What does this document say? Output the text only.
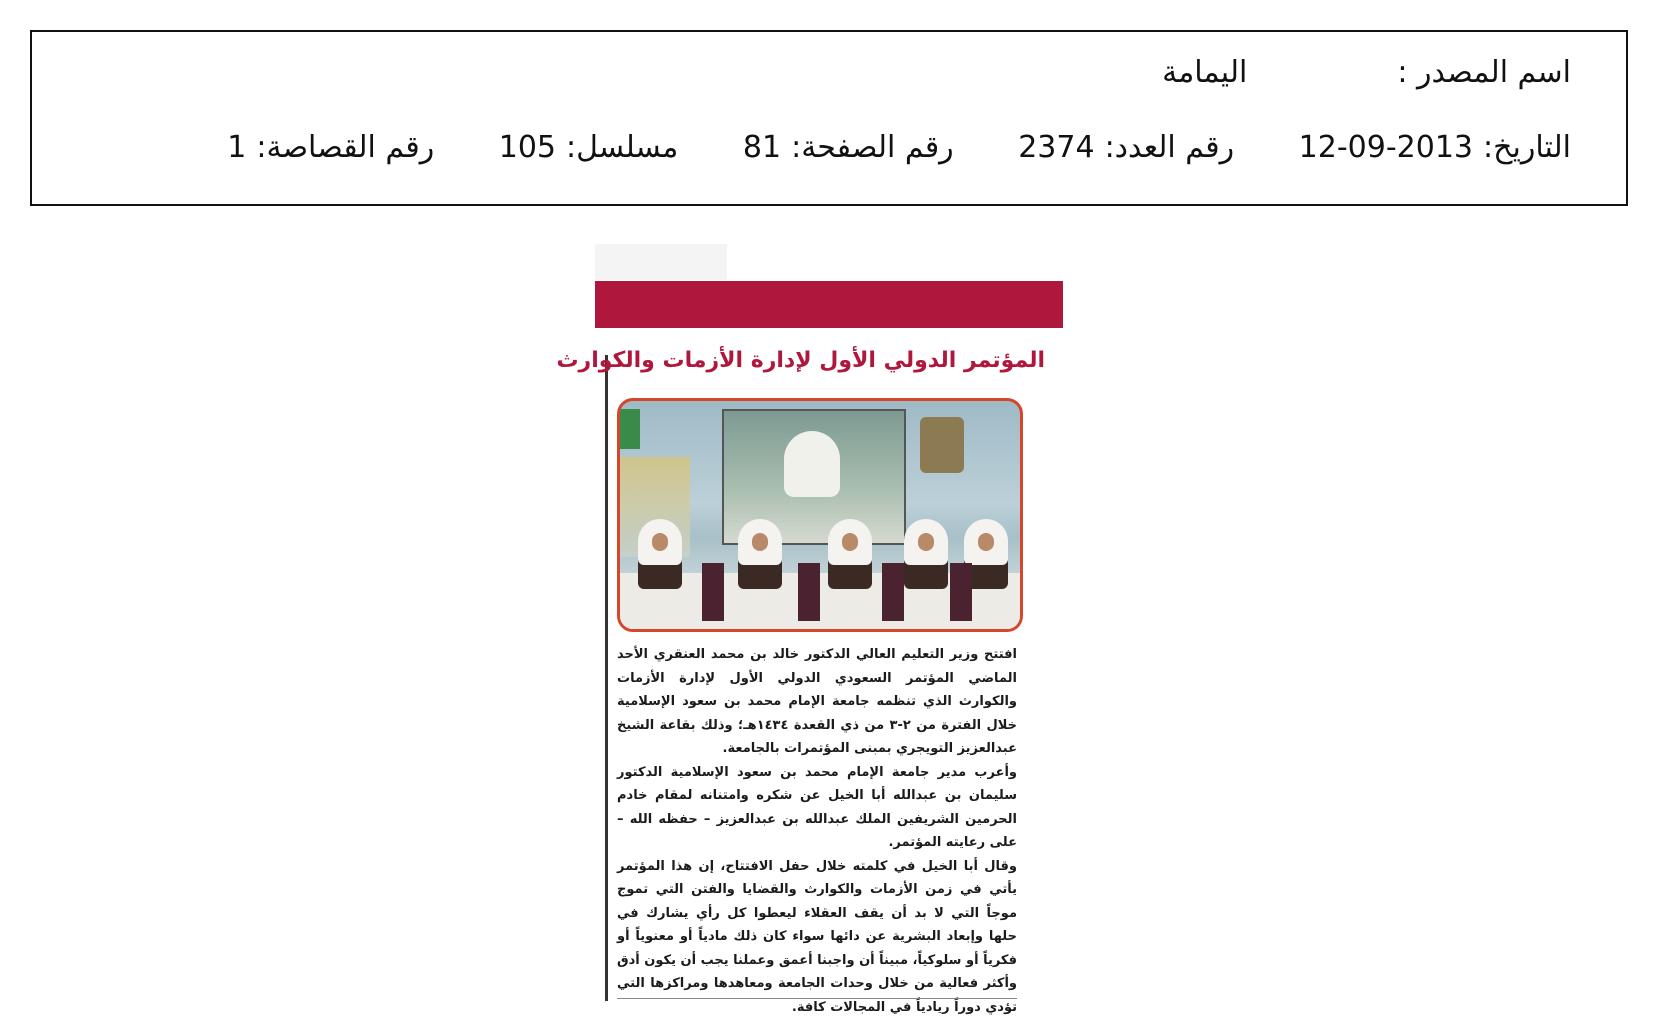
اسم المصدر :اليمامة
التاريخ:2013-09-12 رقم العدد:2374 رقم الصفحة:81 مسلسل:105 رقم القصاصة:1
المؤتمر الدولي الأول لإدارة الأزمات والكوارث

افتتح وزير التعليم العالي الدكتور خالد بن محمد العنقري الأحد الماضي المؤتمر السعودي الدولي الأول لإدارة الأزمات والكوارث الذي تنظمه جامعة الإمام محمد بن سعود الإسلامية خلال الفترة من ٢-٣ من ذي القعدة ١٤٣٤هـ؛ وذلك بقاعة الشيخ عبدالعزيز التويجري بمبنى المؤتمرات بالجامعة.

وأعرب مدير جامعة الإمام محمد بن سعود الإسلامية الدكتور سليمان بن عبدالله أبا الخيل عن شكره وامتنانه لمقام خادم الحرمين الشريفين الملك عبدالله بن عبدالعزيز – حفظه الله – على رعايته المؤتمر.

وقال أبا الخيل في كلمته خلال حفل الافتتاح، إن هذا المؤتمر يأتي في زمن الأزمات والكوارث والقضايا والفتن التي تموج موجاً التي لا بد أن يقف العقلاء ليعطوا كل رأي يشارك في حلها وإبعاد البشرية عن دائها سواء كان ذلك مادياً أو معنوياً أو فكرياً أو سلوكياً، مبيناً أن واجبنا أعمق وعملنا يجب أن يكون أدق وأكثر فعالية من خلال وحدات الجامعة ومعاهدها ومراكزها التي تؤدي دوراً ريادياً في المجالات كافة.
